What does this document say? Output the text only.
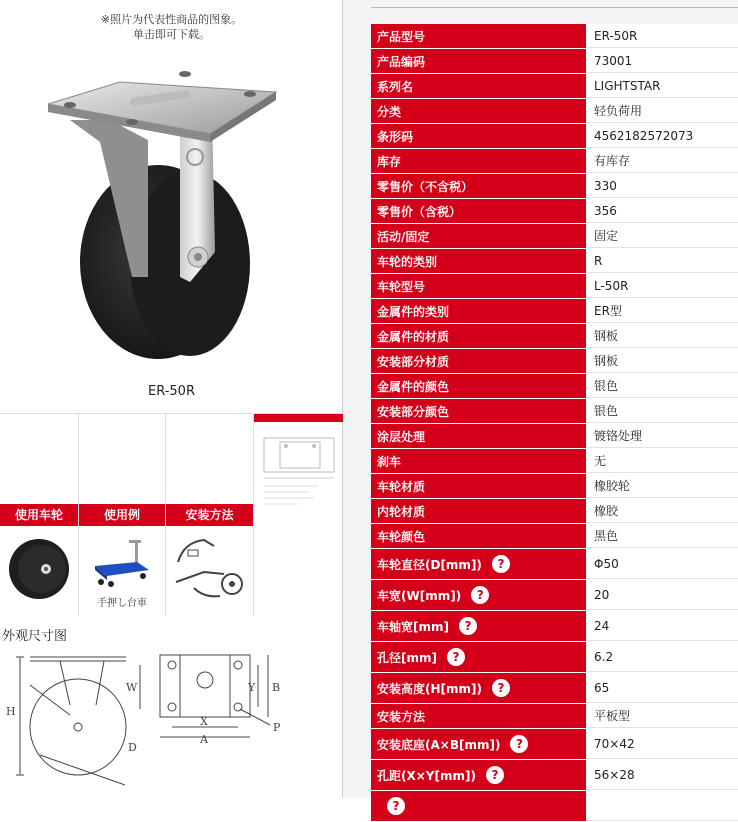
※照片为代表性商品的图象。
单击即可下载。
ER-50R
使用车轮	使用例
手押し台車
安装方法
外观尺寸图
H
W	Y B
X
A
D
P
产品型号	ER-50R
产品编码	73001
系列名	LIGHTSTAR
分类	轻负荷用
条形码	4562182572073
库存	有库存
零售价（不含税）	330
零售价（含税）	356
活动/固定	固定
车轮的类别	R
车轮型号	L-50R
金属件的类别	ER型
金属件的材质	钢板
安装部分材质	钢板
金属件的颜色	银色
安装部分颜色	银色
涂层处理	镀铬处理
刹车	无
车轮材质	橡胶轮
内轮材质	橡胶
车轮颜色	黑色
车轮直径(D[mm])	?	Φ50
车宽(W[mm])	?	20
车轴宽[mm]	?	24
孔径[mm]	?	6.2
安装高度(H[mm])	?	65
安装方法	平板型
安装底座(A×B[mm])	?	70×42
孔距(X×Y[mm])	?	56×28
?
